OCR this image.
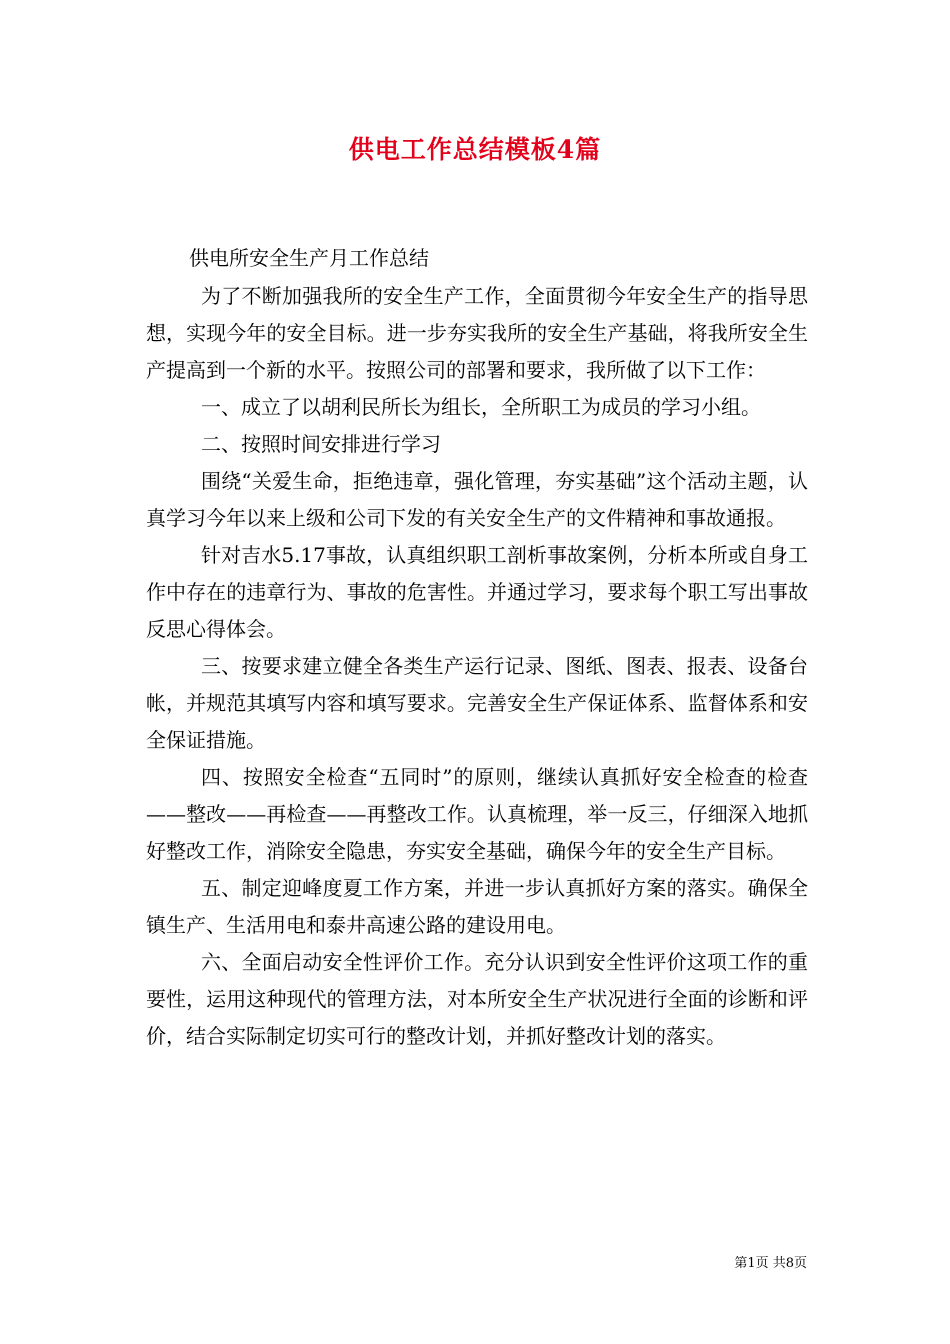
供电工作总结模板4篇

供电所安全生产月工作总结

为了不断加强我所的安全生产工作，全面贯彻今年安全生产的指导思想，实现今年的安全目标。进一步夯实我所的安全生产基础，将我所安全生产提高到一个新的水平。按照公司的部署和要求，我所做了以下工作：

一、成立了以胡利民所长为组长，全所职工为成员的学习小组。

二、按照时间安排进行学习

围绕“关爱生命，拒绝违章，强化管理，夯实基础”这个活动主题，认真学习今年以来上级和公司下发的有关安全生产的文件精神和事故通报。

针对吉水5.17事故，认真组织职工剖析事故案例，分析本所或自身工作中存在的违章行为、事故的危害性。并通过学习，要求每个职工写出事故反思心得体会。

三、按要求建立健全各类生产运行记录、图纸、图表、报表、设备台帐，并规范其填写内容和填写要求。完善安全生产保证体系、监督体系和安全保证措施。

四、按照安全检查“五同时”的原则，继续认真抓好安全检查的检查——整改——再检查——再整改工作。认真梳理，举一反三，仔细深入地抓好整改工作，消除安全隐患，夯实安全基础，确保今年的安全生产目标。

五、制定迎峰度夏工作方案，并进一步认真抓好方案的落实。确保全镇生产、生活用电和泰井高速公路的建设用电。

六、全面启动安全性评价工作。充分认识到安全性评价这项工作的重要性，运用这种现代的管理方法，对本所安全生产状况进行全面的诊断和评价，结合实际制定切实可行的整改计划，并抓好整改计划的落实。

第1页 共8页
